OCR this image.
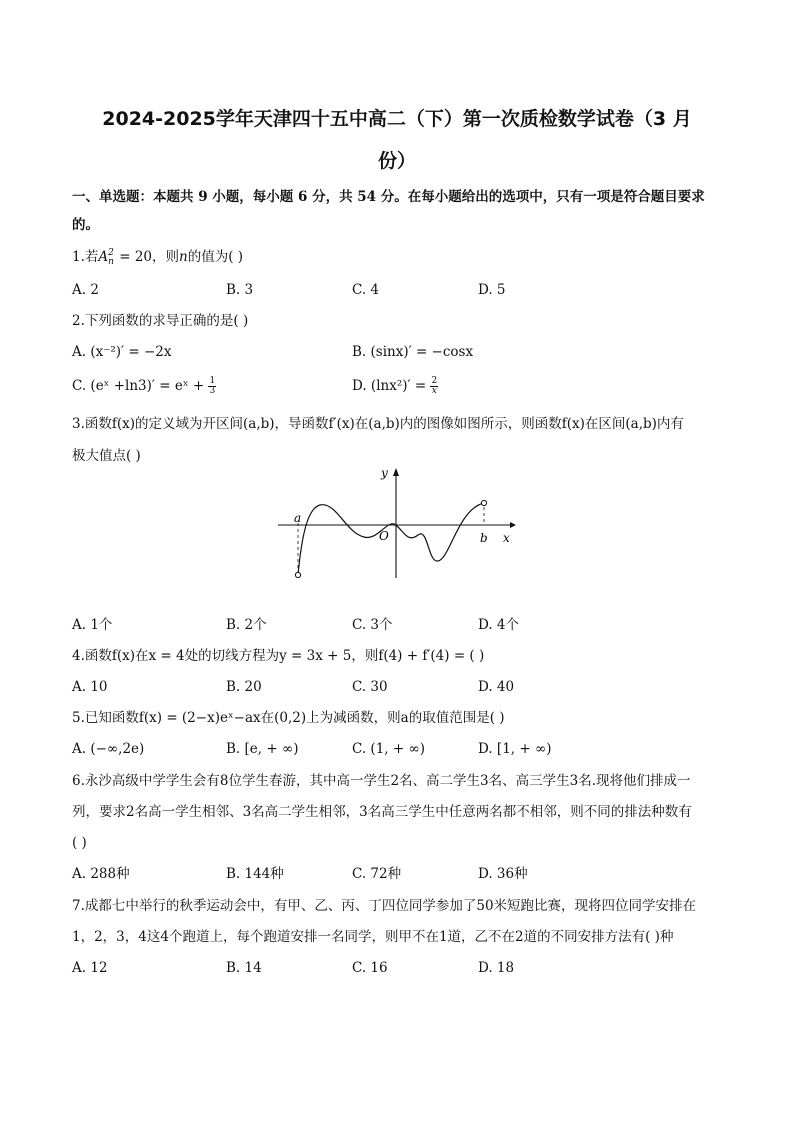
2024-2025学年天津四十五中高二（下）第一次质检数学试卷（3 月
份）
一、单选题：本题共 9 小题，每小题 6 分，共 54 分。在每小题给出的选项中，只有一项是符合题目要求
的。
1.若A 2
n = 20，则n的值为( )
A. 2	B. 3	C. 4	D. 5
2.下列函数的求导正确的是( )
A. (x⁻²)′ = −2x	B. (sinx)′ = −cosx
C. (eˣ +ln3)′ = eˣ + $\frac{1}{3}$	D. $(\ln x^2)' = \frac{2}{x}$
3.函数f(x)的定义域为开区间(a,b)，导函数f′(x)在(a,b)内的图像如图所示，则函数f(x)在区间(a,b)内有
极大值点( )
y
x
O
a
b
A. 1个	B. 2个	C. 3个	D. 4个
4.函数f(x)在x = 4处的切线方程为y = 3x + 5，则f(4) + f′(4) = ( )
A. 10	B. 20	C. 30	D. 40
5.已知函数f(x) = (2−x)eˣ−ax在(0,2)上为减函数，则a的取值范围是( )
A. (−∞,2e)	B. [e, + ∞)	C. (1, + ∞)	D. [1, + ∞)
6.永沙高级中学学生会有8位学生春游，其中高一学生2名、高二学生3名、高三学生3名.现将他们排成一
列，要求2名高一学生相邻、3名高二学生相邻，3名高三学生中任意两名都不相邻，则不同的排法种数有
( )
A. 288种	B. 144种	C. 72种	D. 36种
7.成都七中举行的秋季运动会中，有甲、乙、丙、丁四位同学参加了50米短跑比赛，现将四位同学安排在
1，2，3，4这4个跑道上，每个跑道安排一名同学，则甲不在1道，乙不在2道的不同安排方法有( )种
A. 12	B. 14	C. 16	D. 18
